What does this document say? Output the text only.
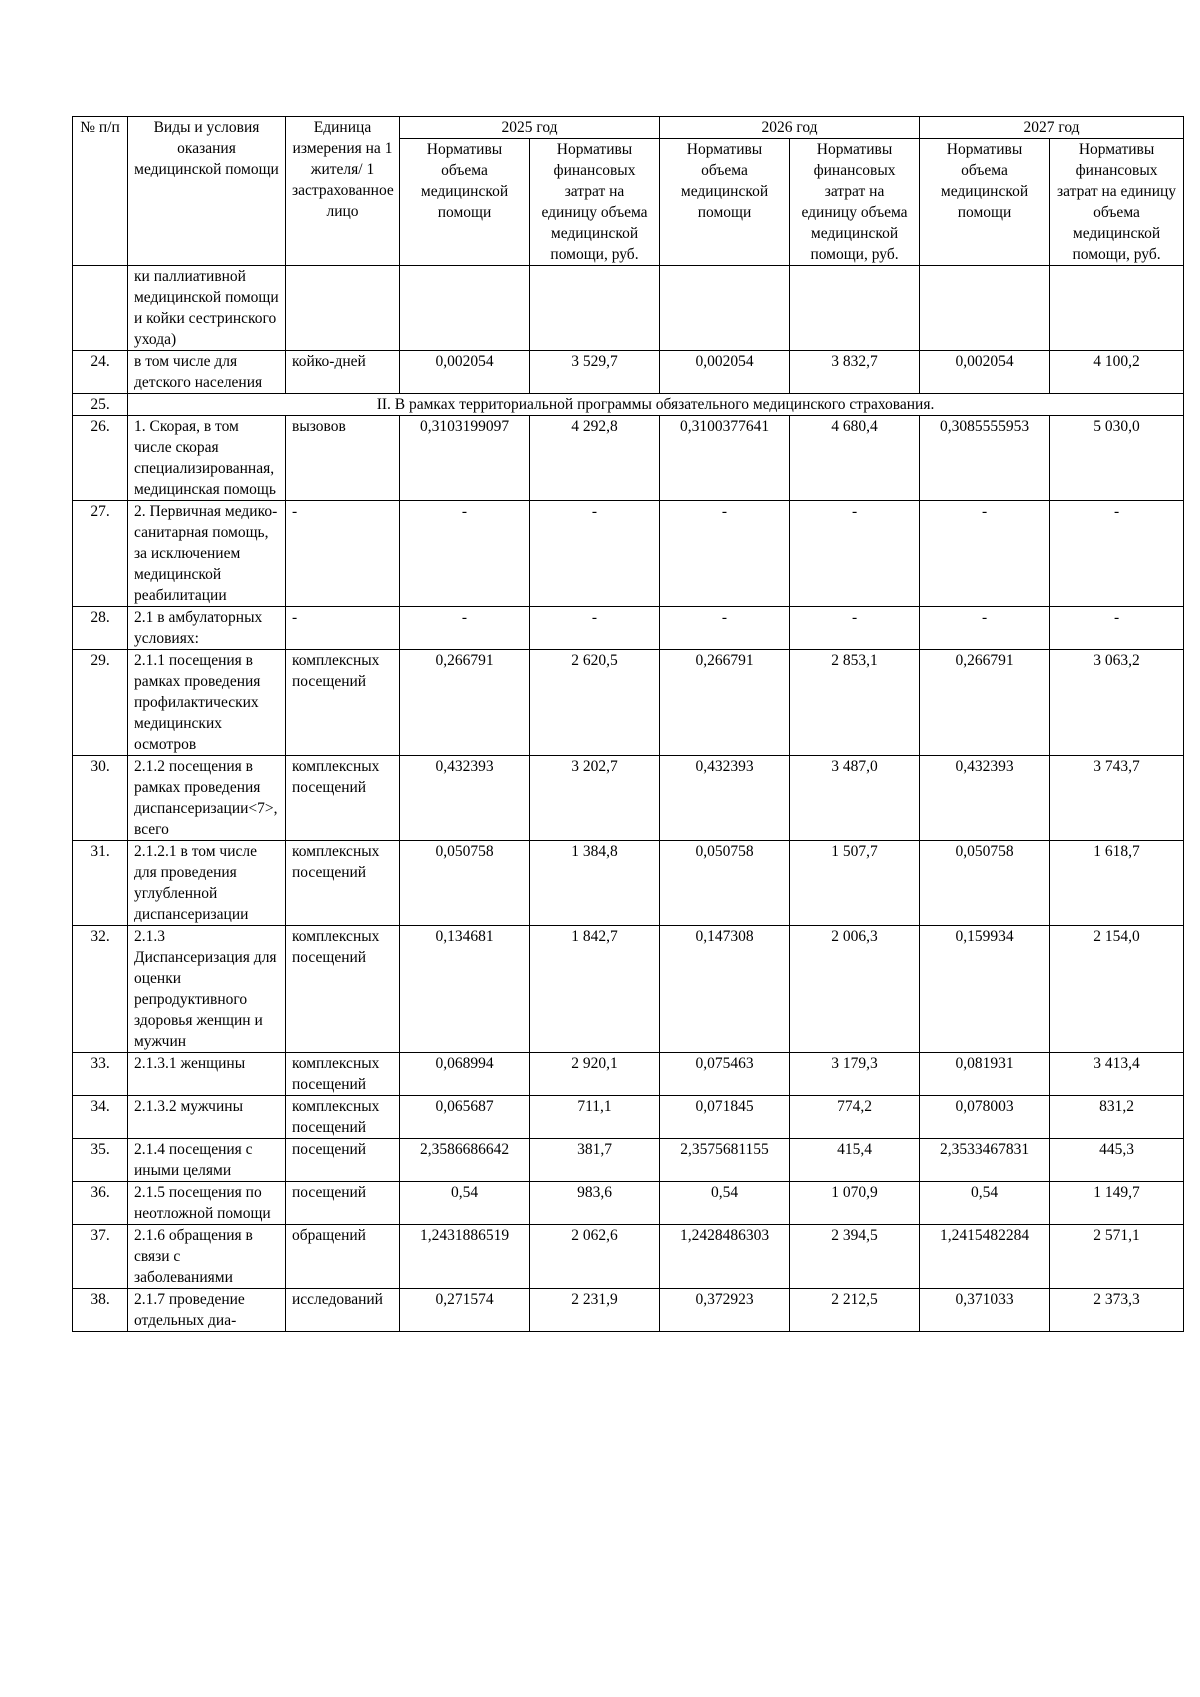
№ п/п	Виды и условия оказания медицинской помощи	Единица измерения на 1 жителя/ 1 застрахованное лицо	2025 год		2026 год		2027 год	
			Нормативы объема медицинской помощи	Нормативы финансовых затрат на единицу объема медицинской помощи, руб.	Нормативы объема медицинской помощи	Нормативы финансовых затрат на единицу объема медицинской помощи, руб.	Нормативы объема медицинской помощи	Нормативы финансовых затрат на единицу объема медицинской помощи, руб.
	ки паллиативной медицинской помощи и койки сестринского ухода)							
24.	в том числе для детского населения	койко-дней	0,002054	3 529,7	0,002054	3 832,7	0,002054	4 100,2
25.	II. В рамках территориальной программы обязательного медицинского страхования.							
26.	1. Скорая, в том числе скорая специализированная, медицинская помощь	вызовов	0,3103199097	4 292,8	0,3100377641	4 680,4	0,3085555953	5 030,0
27.	2. Первичная медико-санитарная помощь, за исключением медицинской реабилитации	-	-	-	-	-	-	-
28.	2.1 в амбулаторных условиях:	-	-	-	-	-	-	-
29.	2.1.1 посещения в рамках проведения профилактических медицинских осмотров	комплексных посещений	0,266791	2 620,5	0,266791	2 853,1	0,266791	3 063,2
30.	2.1.2 посещения в рамках проведения диспансеризации<7>, всего	комплексных посещений	0,432393	3 202,7	0,432393	3 487,0	0,432393	3 743,7
31.	2.1.2.1 в том числе для проведения углубленной диспансеризации	комплексных посещений	0,050758	1 384,8	0,050758	1 507,7	0,050758	1 618,7
32.	2.1.3 Диспансеризация для оценки репродуктивного здоровья женщин и мужчин	комплексных посещений	0,134681	1 842,7	0,147308	2 006,3	0,159934	2 154,0
33.	2.1.3.1 женщины	комплексных посещений	0,068994	2 920,1	0,075463	3 179,3	0,081931	3 413,4
34.	2.1.3.2 мужчины	комплексных посещений	0,065687	711,1	0,071845	774,2	0,078003	831,2
35.	2.1.4 посещения с иными целями	посещений	2,3586686642	381,7	2,3575681155	415,4	2,3533467831	445,3
36.	2.1.5 посещения по неотложной помощи	посещений	0,54	983,6	0,54	1 070,9	0,54	1 149,7
37.	2.1.6 обращения в связи с заболеваниями	обращений	1,2431886519	2 062,6	1,2428486303	2 394,5	1,2415482284	2 571,1
38.	2.1.7 проведение отдельных диа-	исследований	0,271574	2 231,9	0,372923	2 212,5	0,371033	2 373,3
